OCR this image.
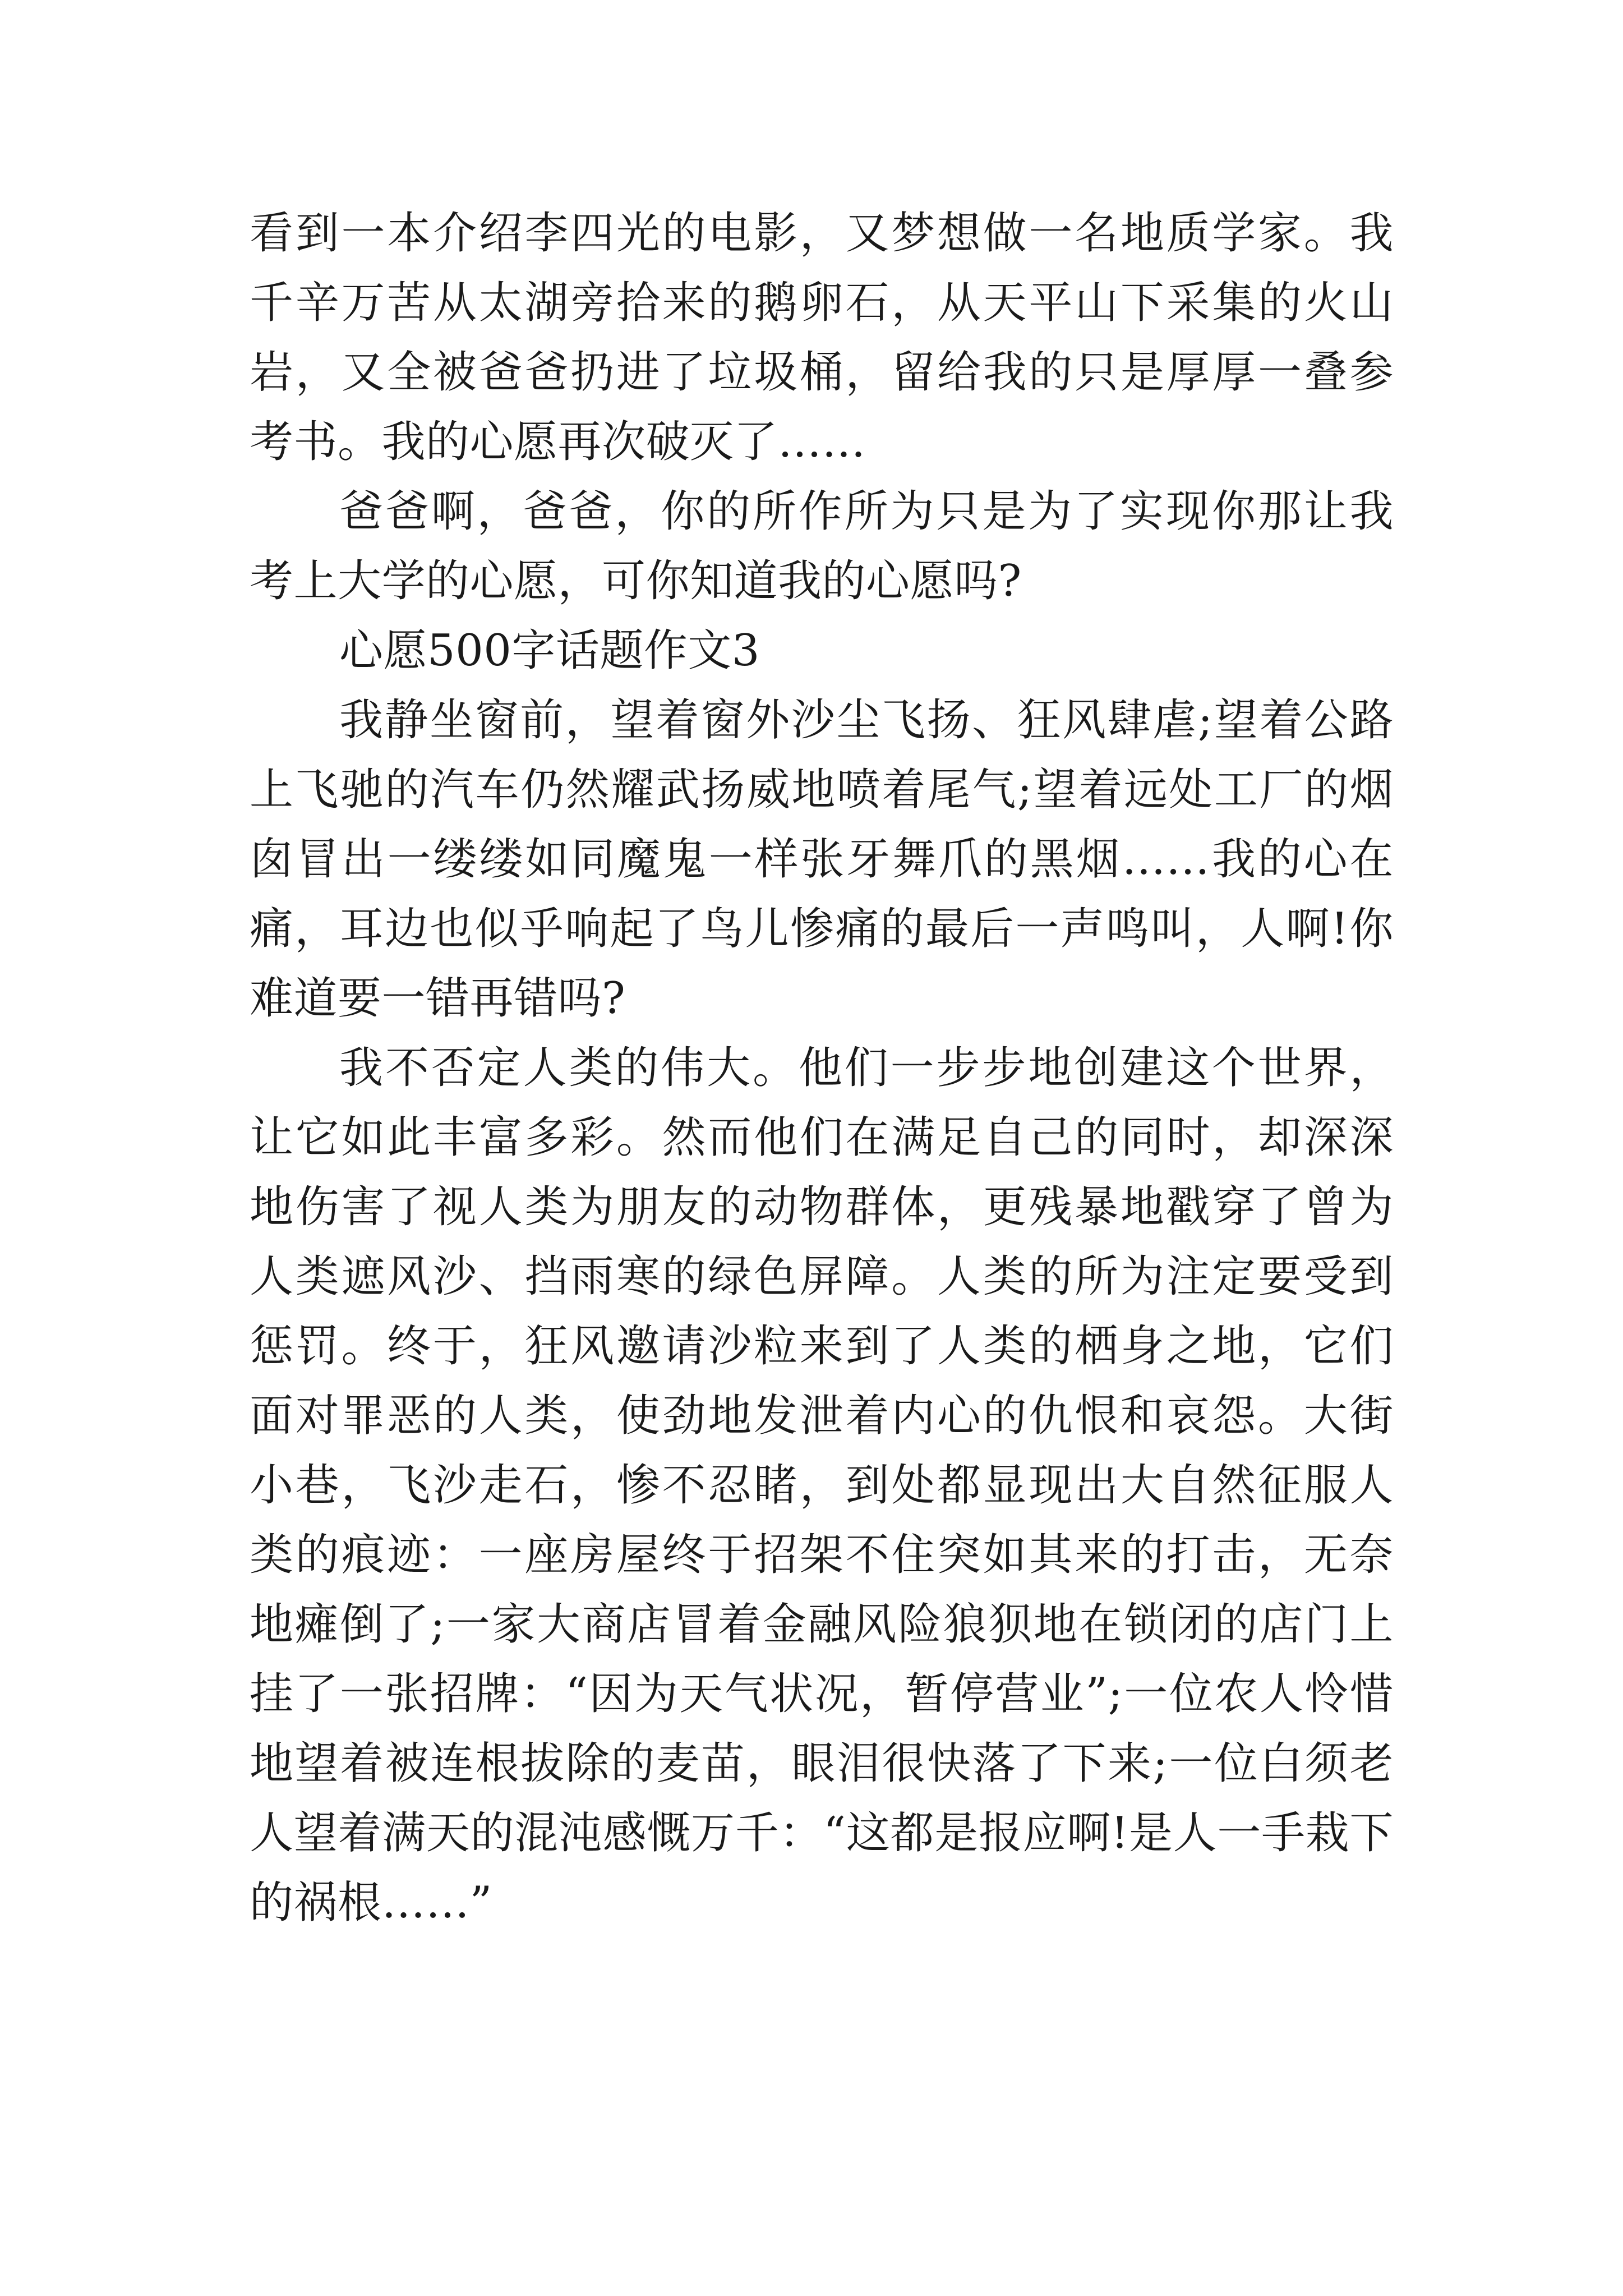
看到一本介绍李四光的电影，又梦想做一名地质学家。我千辛万苦从太湖旁拾来的鹅卵石，从天平山下采集的火山岩，又全被爸爸扔进了垃圾桶，留给我的只是厚厚一叠参考书。我的心愿再次破灭了……

爸爸啊，爸爸，你的所作所为只是为了实现你那让我考上大学的心愿，可你知道我的心愿吗?

心愿500字话题作文3

我静坐窗前，望着窗外沙尘飞扬、狂风肆虐;望着公路上飞驰的汽车仍然耀武扬威地喷着尾气;望着远处工厂的烟囱冒出一缕缕如同魔鬼一样张牙舞爪的黑烟……我的心在痛，耳边也似乎响起了鸟儿惨痛的最后一声鸣叫，人啊!你难道要一错再错吗?

我不否定人类的伟大。他们一步步地创建这个世界，让它如此丰富多彩。然而他们在满足自己的同时，却深深地伤害了视人类为朋友的动物群体，更残暴地戳穿了曾为人类遮风沙、挡雨寒的绿色屏障。人类的所为注定要受到惩罚。终于，狂风邀请沙粒来到了人类的栖身之地，它们面对罪恶的人类，使劲地发泄着内心的仇恨和哀怨。大街小巷，飞沙走石，惨不忍睹，到处都显现出大自然征服人类的痕迹：一座房屋终于招架不住突如其来的打击，无奈地瘫倒了;一家大商店冒着金融风险狼狈地在锁闭的店门上挂了一张招牌：“因为天气状况，暂停营业”;一位农人怜惜地望着被连根拔除的麦苗，眼泪很快落了下来;一位白须老人望着满天的混沌感慨万千：“这都是报应啊!是人一手栽下的祸根……”
